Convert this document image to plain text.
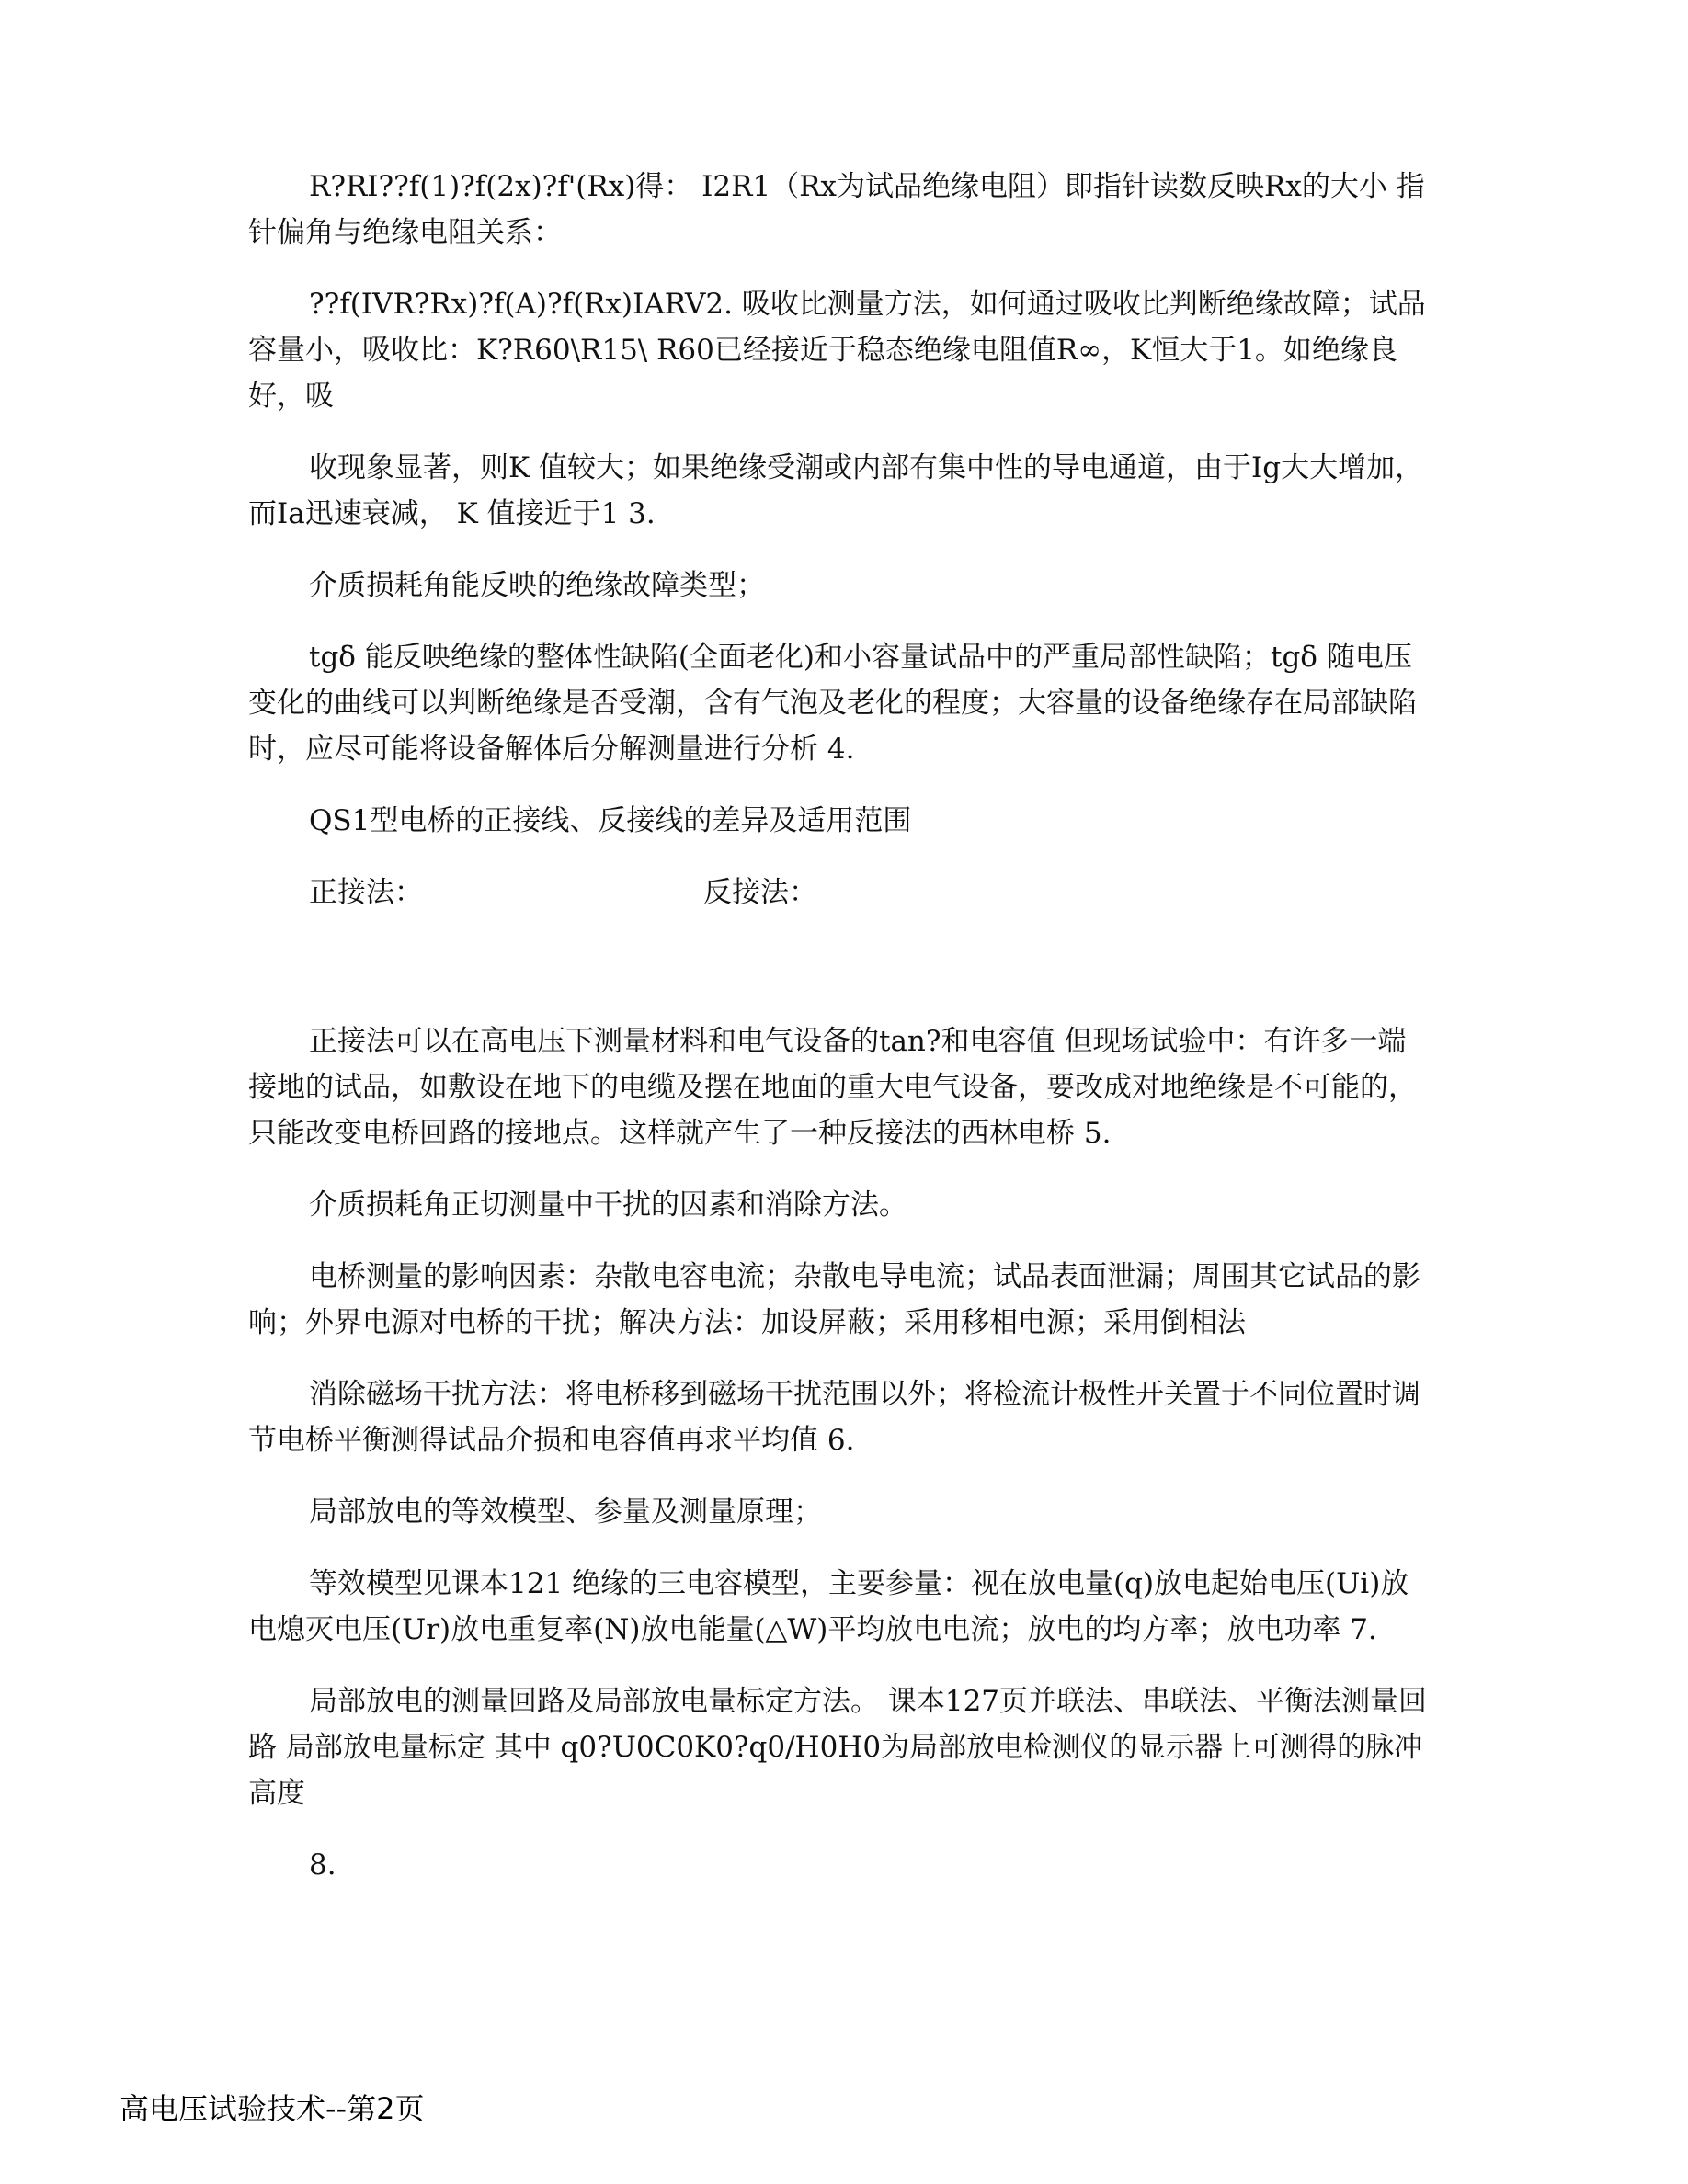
R?RI??f(1)?f(2x)?f'(Rx)得： I2R1（Rx为试品绝缘电阻）即指针读数反映Rx的大小 指针偏角与绝缘电阻关系：

??f(IVR?Rx)?f(A)?f(Rx)IARV2. 吸收比测量方法，如何通过吸收比判断绝缘故障；试品容量小，吸收比：K?R60\R15\ R60已经接近于稳态绝缘电阻值R∞，K恒大于1。如绝缘良好，吸

收现象显著，则K 值较大；如果绝缘受潮或内部有集中性的导电通道，由于Ig大大增加，而Ia迅速衰减， K 值接近于1 3.

介质损耗角能反映的绝缘故障类型；

tgδ 能反映绝缘的整体性缺陷(全面老化)和小容量试品中的严重局部性缺陷；tgδ 随电压变化的曲线可以判断绝缘是否受潮，含有气泡及老化的程度；大容量的设备绝缘存在局部缺陷时，应尽可能将设备解体后分解测量进行分析 4.

QS1型电桥的正接线、反接线的差异及适用范围

正接法：	反接法：

正接法可以在高电压下测量材料和电气设备的tan?和电容值 但现场试验中：有许多一端接地的试品，如敷设在地下的电缆及摆在地面的重大电气设备，要改成对地绝缘是不可能的，只能改变电桥回路的接地点。这样就产生了一种反接法的西林电桥 5.

介质损耗角正切测量中干扰的因素和消除方法。

电桥测量的影响因素：杂散电容电流；杂散电导电流；试品表面泄漏；周围其它试品的影响；外界电源对电桥的干扰；解决方法：加设屏蔽；采用移相电源；采用倒相法

消除磁场干扰方法：将电桥移到磁场干扰范围以外；将检流计极性开关置于不同位置时调节电桥平衡测得试品介损和电容值再求平均值 6.

局部放电的等效模型、参量及测量原理；

等效模型见课本121 绝缘的三电容模型，主要参量：视在放电量(q)放电起始电压(Ui)放电熄灭电压(Ur)放电重复率(N)放电能量(△W)平均放电电流；放电的均方率；放电功率 7.

局部放电的测量回路及局部放电量标定方法。 课本127页并联法、串联法、平衡法测量回路 局部放电量标定 其中 q0?U0C0K0?q0/H0H0为局部放电检测仪的显示器上可测得的脉冲高度

8.

高电压试验技术--第2页
